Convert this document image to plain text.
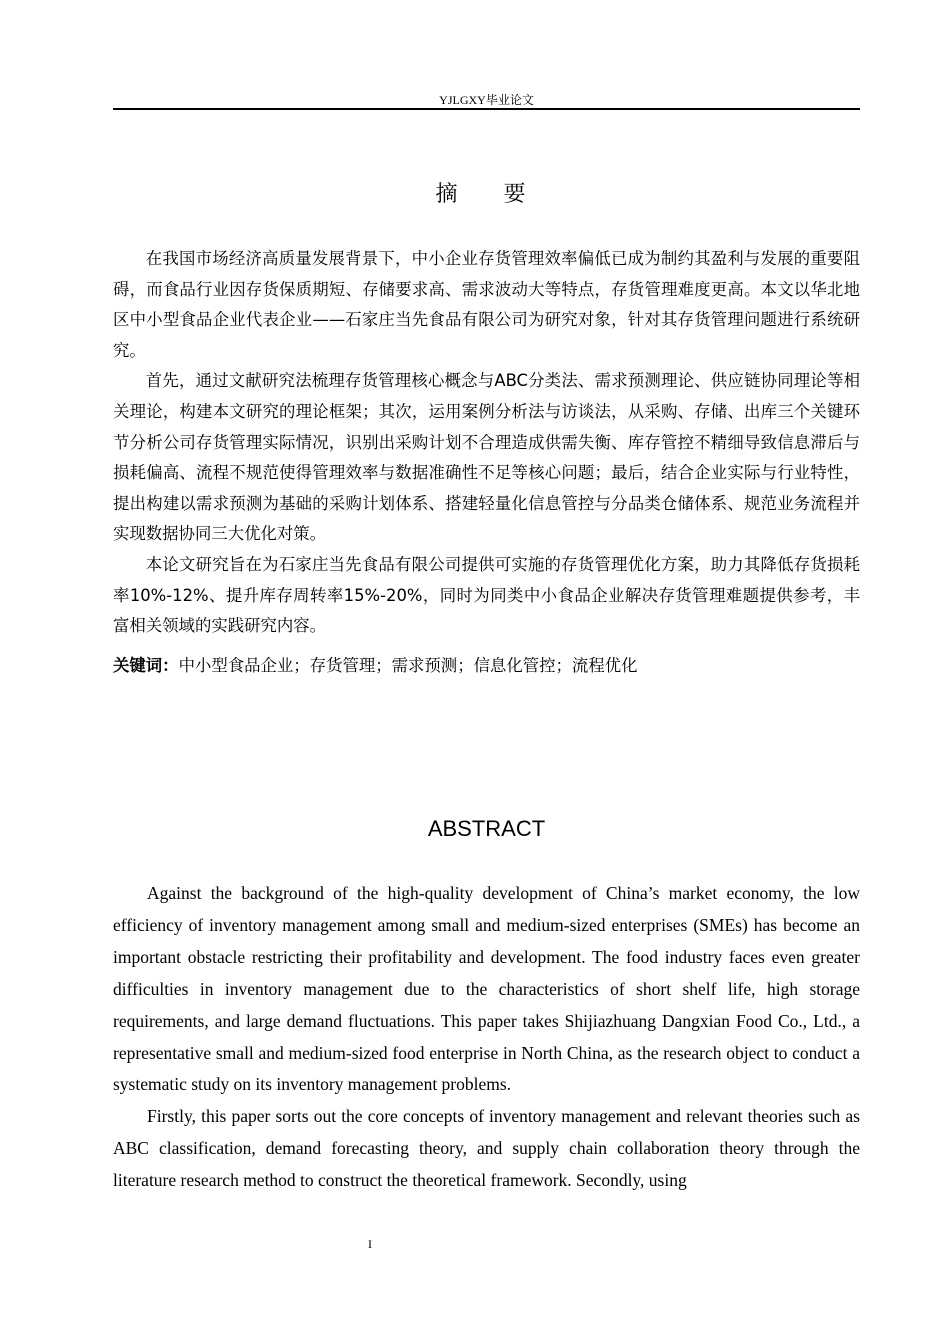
YJLGXY毕业论文
摘　要

在我国市场经济高质量发展背景下，中小企业存货管理效率偏低已成为制约其盈利与发展的重要阻碍，而食品行业因存货保质期短、存储要求高、需求波动大等特点，存货管理难度更高。本文以华北地区中小型食品企业代表企业——石家庄当先食品有限公司为研究对象，针对其存货管理问题进行系统研究。

首先，通过文献研究法梳理存货管理核心概念与ABC分类法、需求预测理论、供应链协同理论等相关理论，构建本文研究的理论框架；其次，运用案例分析法与访谈法，从采购、存储、出库三个关键环节分析公司存货管理实际情况，识别出采购计划不合理造成供需失衡、库存管控不精细导致信息滞后与损耗偏高、流程不规范使得管理效率与数据准确性不足等核心问题；最后，结合企业实际与行业特性，提出构建以需求预测为基础的采购计划体系、搭建轻量化信息管控与分品类仓储体系、规范业务流程并实现数据协同三大优化对策。

本论文研究旨在为石家庄当先食品有限公司提供可实施的存货管理优化方案，助力其降低存货损耗率10%-12%、提升库存周转率15%-20%，同时为同类中小食品企业解决存货管理难题提供参考，丰富相关领域的实践研究内容。

关键词：中小型食品企业；存货管理；需求预测；信息化管控；流程优化

ABSTRACT

Against the background of the high-quality development of China’s market economy, the low efficiency of inventory management among small and medium-sized enterprises (SMEs) has become an important obstacle restricting their profitability and development. The food industry faces even greater difficulties in inventory management due to the characteristics of short shelf life, high storage requirements, and large demand fluctuations. This paper takes Shijiazhuang Dangxian Food Co., Ltd., a representative small and medium-sized food enterprise in North China, as the research object to conduct a systematic study on its inventory management problems.

Firstly, this paper sorts out the core concepts of inventory management and relevant theories such as ABC classification, demand forecasting theory, and supply chain collaboration theory through the literature research method to construct the theoretical framework. Secondly, using

I
